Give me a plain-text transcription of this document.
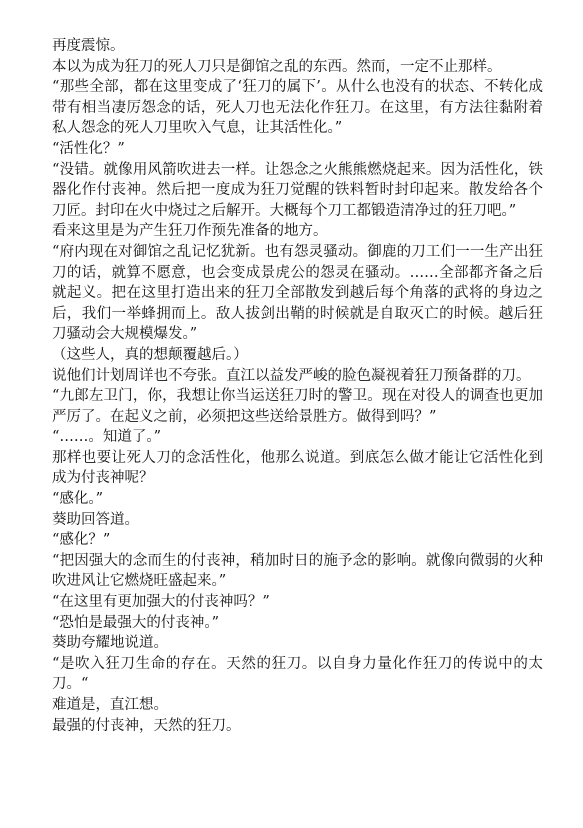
再度震惊。

本以为成为狂刀的死人刀只是御馆之乱的东西。然而，一定不止那样。

“那些全部，都在这里变成了‘狂刀的属下’。从什么也没有的状态、不转化成带有相当凄厉怨念的话，死人刀也无法化作狂刀。在这里，有方法往黏附着私人怨念的死人刀里吹入气息，让其活性化。”

“活性化？”

“没错。就像用风箭吹进去一样。让怨念之火熊熊燃烧起来。因为活性化，铁器化作付丧神。然后把一度成为狂刀觉醒的铁料暂时封印起来。散发给各个刀匠。封印在火中烧过之后解开。大概每个刀工都锻造清净过的狂刀吧。”

看来这里是为产生狂刀作预先准备的地方。

“府内现在对御馆之乱记忆犹新。也有怨灵骚动。御鹿的刀工们一一生产出狂刀的话，就算不愿意，也会变成景虎公的怨灵在骚动。……全部都齐备之后就起义。把在这里打造出来的狂刀全部散发到越后每个角落的武将的身边之后，我们一举蜂拥而上。敌人拔剑出鞘的时候就是自取灭亡的时候。越后狂刀骚动会大规模爆发。”

（这些人，真的想颠覆越后。）

说他们计划周详也不夸张。直江以益发严峻的脸色凝视着狂刀预备群的刀。

“九郎左卫门，你，我想让你当运送狂刀时的警卫。现在对役人的调查也更加严厉了。在起义之前，必须把这些送给景胜方。做得到吗？”

“……。知道了。”

那样也要让死人刀的念活性化，他那么说道。到底怎么做才能让它活性化到成为付丧神呢？

“感化。”

葵助回答道。

“感化？”

“把因强大的念而生的付丧神，稍加时日的施予念的影响。就像向微弱的火种吹进风让它燃烧旺盛起来。”

“在这里有更加强大的付丧神吗？”

“恐怕是最强大的付丧神。”

葵助夸耀地说道。

“是吹入狂刀生命的存在。天然的狂刀。以自身力量化作狂刀的传说中的太刀。“

难道是，直江想。

最强的付丧神，天然的狂刀。
